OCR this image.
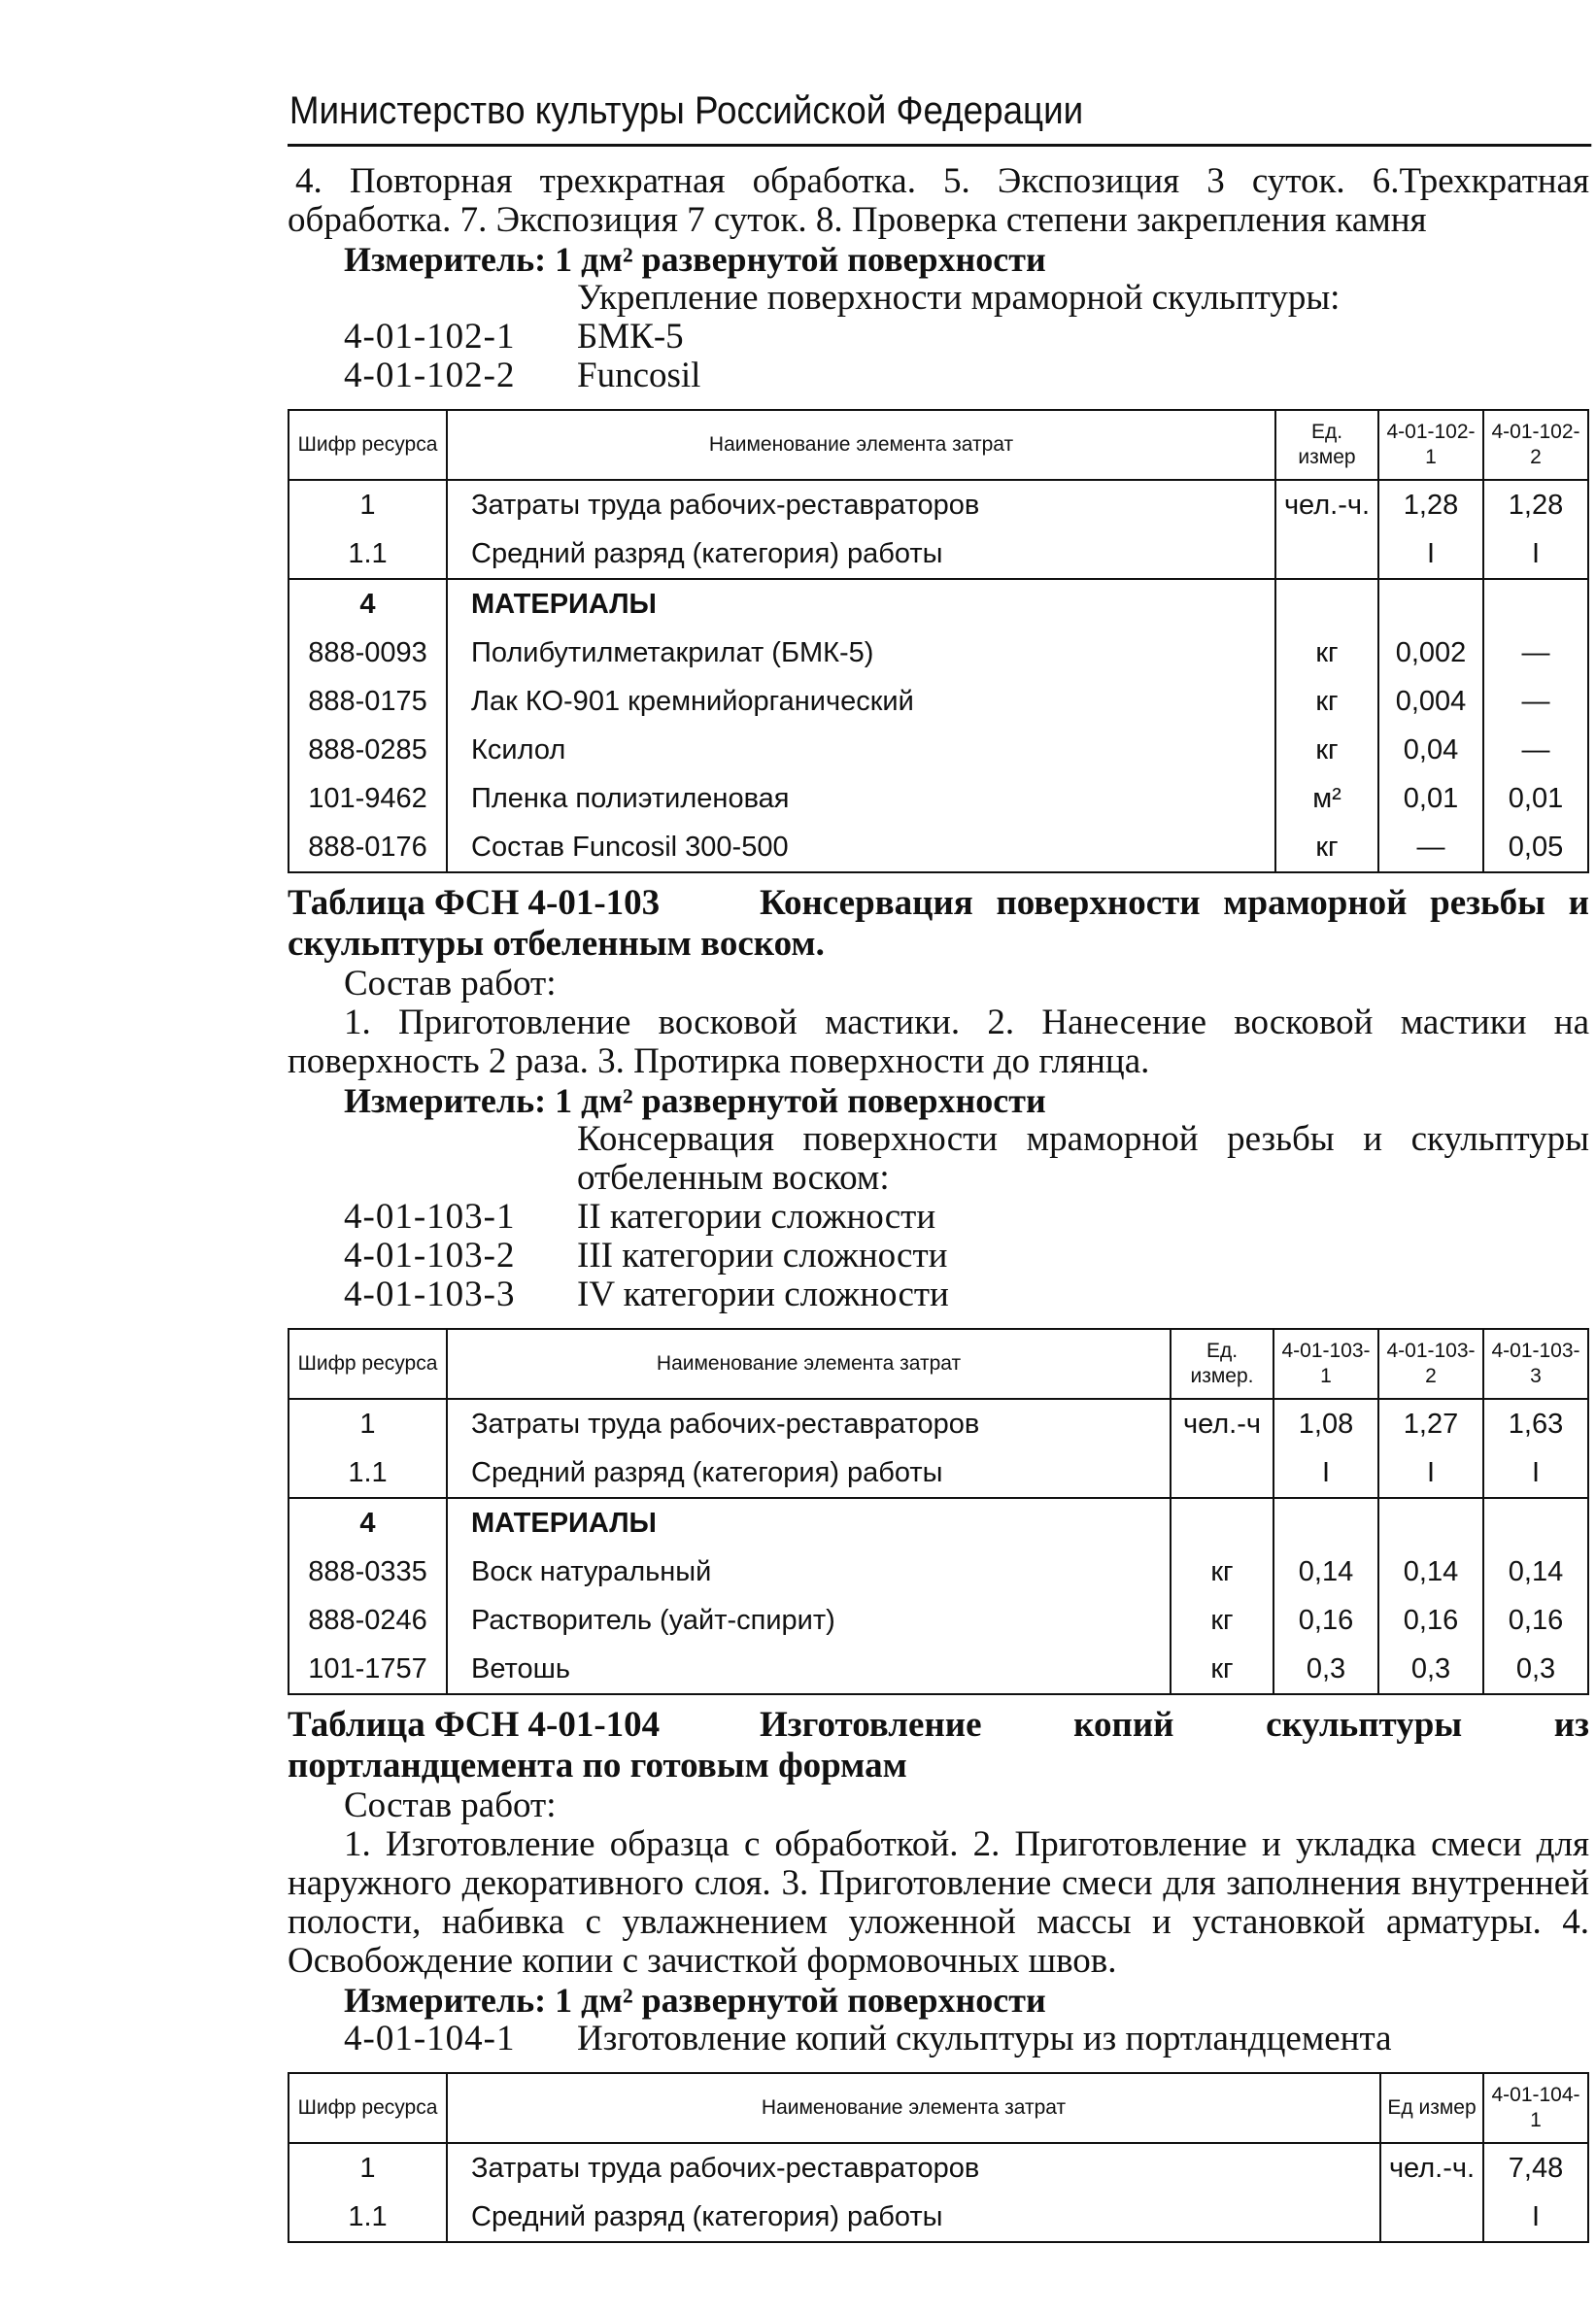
Министерство культуры Российской Федерации

4. Повторная трехкратная обработка. 5. Экспозиция 3 суток. 6.Трехкратная обработка. 7. Экспозиция 7 суток. 8. Проверка степени закрепления камня

Измеритель: 1 дм² развернутой поверхности

Укрепление поверхности мраморной скульптуры:
4-01-102-1	БМК-5
4-01-102-2	Funcosil
Шифр ресурса	Наименование элемента затрат	Ед. измер	4-01-102-1	4-01-102-2
1	Затраты труда рабочих-реставраторов	чел.-ч.	1,28	1,28
1.1	Средний разряд (категория) работы		I	I
4	МАТЕРИАЛЫ			
888-0093	Полибутилметакрилат (БМК-5)	кг	0,002	—
888-0175	Лак КО-901 кремнийорганический	кг	0,004	—
888-0285	Ксилол	кг	0,04	—
101-9462	Пленка полиэтиленовая	м²	0,01	0,01
888-0176	Состав Funcosil 300-500	кг	—	0,05
Таблица ФСН 4-01-103	Консервация поверхности мраморной резьбы и скульптуры отбеленным воском.

Состав работ:

1. Приготовление восковой мастики. 2. Нанесение восковой мастики на поверхность 2 раза. 3. Протирка поверхности до глянца.

Измеритель: 1 дм² развернутой поверхности

Консервация поверхности мраморной резьбы и скульптуры отбеленным воском:
4-01-103-1	II категории сложности
4-01-103-2	III категории сложности
4-01-103-3	IV категории сложности
Шифр ресурса	Наименование элемента затрат	Ед. измер.	4-01-103-1	4-01-103-2	4-01-103-3
1	Затраты труда рабочих-реставраторов	чел.-ч	1,08	1,27	1,63
1.1	Средний разряд (категория) работы		I	I	I
4	МАТЕРИАЛЫ				
888-0335	Воск натуральный	кг	0,14	0,14	0,14
888-0246	Растворитель (уайт-спирит)	кг	0,16	0,16	0,16
101-1757	Ветошь	кг	0,3	0,3	0,3
Таблица ФСН 4-01-104	Изготовление копий скульптуры из портландцемента по готовым формам

Состав работ:

1. Изготовление образца с обработкой. 2. Приготовление и укладка смеси для наружного декоративного слоя. 3. Приготовление смеси для заполнения внутренней полости, набивка с увлажнением уложенной массы и установкой арматуры. 4. Освобождение копии с зачисткой формовочных швов.

Измеритель: 1 дм² развернутой поверхности

4-01-104-1	Изготовление копий скульптуры из портландцемента
Шифр ресурса	Наименование элемента затрат	Ед измер	4-01-104-1
1	Затраты труда рабочих-реставраторов	чел.-ч.	7,48
1.1	Средний разряд (категория) работы		I
